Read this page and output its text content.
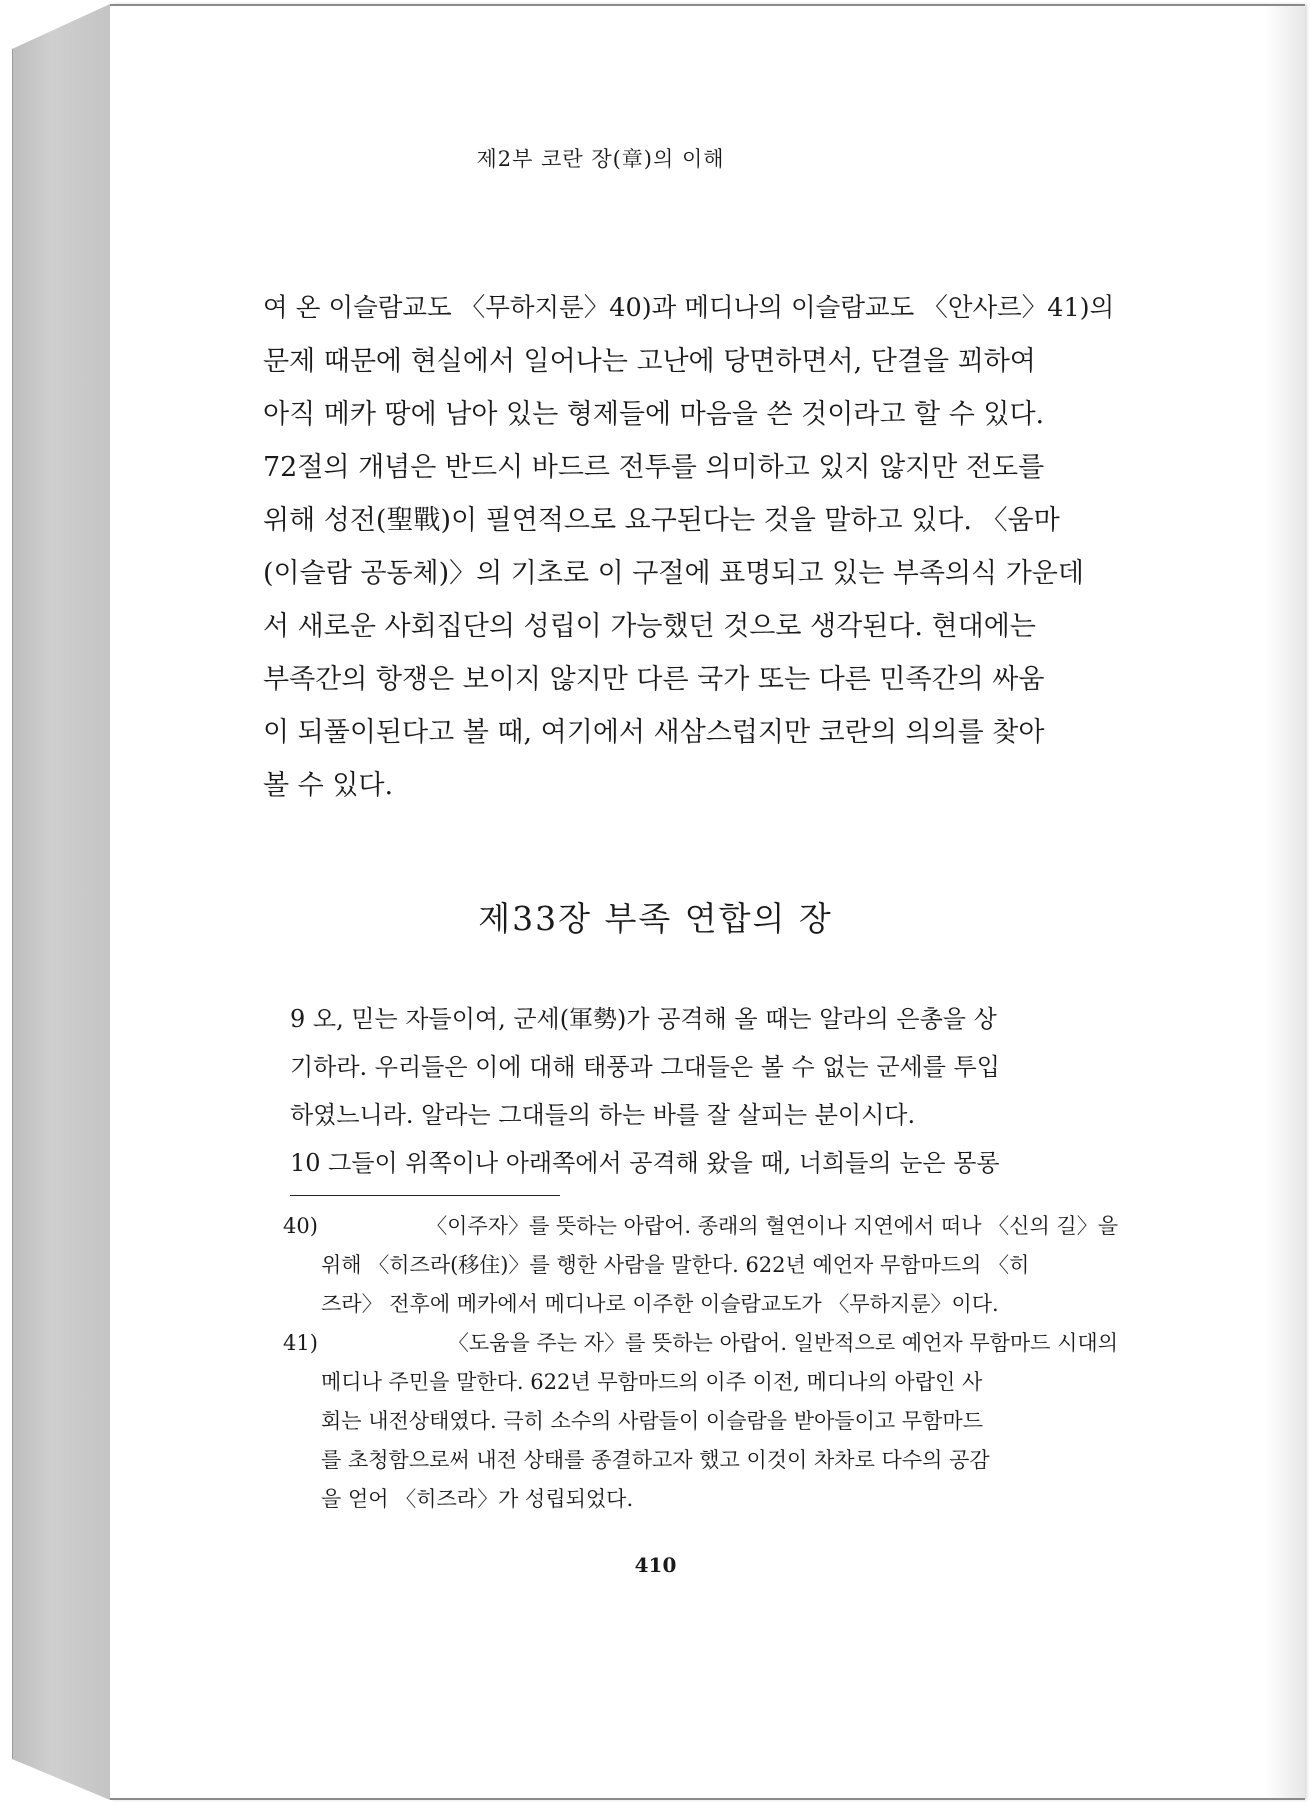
제2부 코란 장(章)의 이해
여 온 이슬람교도 〈무하지룬〉40)과 메디나의 이슬람교도 〈안사르〉41)의
문제 때문에 현실에서 일어나는 고난에 당면하면서, 단결을 꾀하여
아직 메카 땅에 남아 있는 형제들에 마음을 쓴 것이라고 할 수 있다.
72절의 개념은 반드시 바드르 전투를 의미하고 있지 않지만 전도를
위해 성전(聖戰)이 필연적으로 요구된다는 것을 말하고 있다. 〈움마
(이슬람 공동체)〉의 기초로 이 구절에 표명되고 있는 부족의식 가운데
서 새로운 사회집단의 성립이 가능했던 것으로 생각된다. 현대에는
부족간의 항쟁은 보이지 않지만 다른 국가 또는 다른 민족간의 싸움
이 되풀이된다고 볼 때, 여기에서 새삼스럽지만 코란의 의의를 찾아
볼 수 있다.
제33장 부족 연합의 장
9 오, 믿는 자들이여, 군세(軍勢)가 공격해 올 때는 알라의 은총을 상
기하라. 우리들은 이에 대해 태풍과 그대들은 볼 수 없는 군세를 투입
하였느니라. 알라는 그대들의 하는 바를 잘 살피는 분이시다.
10 그들이 위쪽이나 아래쪽에서 공격해 왔을 때, 너희들의 눈은 몽롱
40)	〈이주자〉를 뜻하는 아랍어. 종래의 혈연이나 지연에서 떠나 〈신의 길〉을
위해 〈히즈라(移住)〉를 행한 사람을 말한다. 622년 예언자 무함마드의 〈히
즈라〉 전후에 메카에서 메디나로 이주한 이슬람교도가 〈무하지룬〉이다.
41)	〈도움을 주는 자〉를 뜻하는 아랍어. 일반적으로 예언자 무함마드 시대의
메디나 주민을 말한다. 622년 무함마드의 이주 이전, 메디나의 아랍인 사
회는 내전상태였다. 극히 소수의 사람들이 이슬람을 받아들이고 무함마드
를 초청함으로써 내전 상태를 종결하고자 했고 이것이 차차로 다수의 공감
을 얻어 〈히즈라〉가 성립되었다.
410
